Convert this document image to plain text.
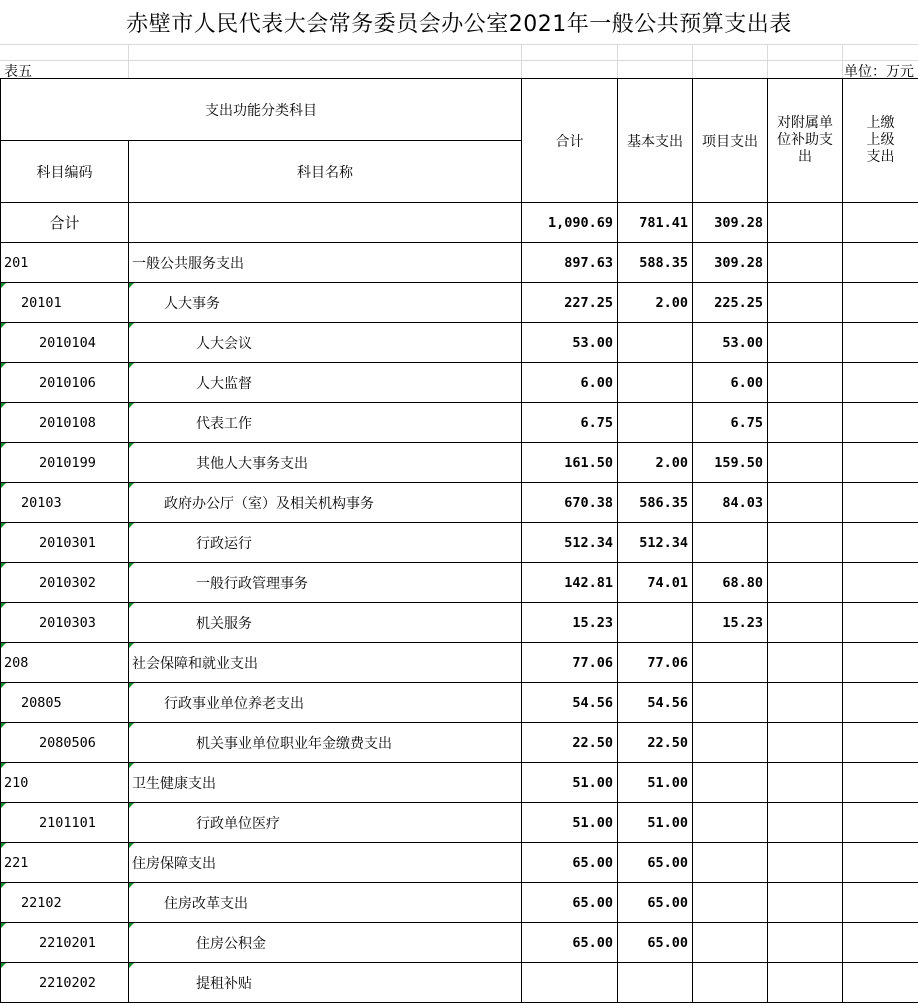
赤壁市人民代表大会常务委员会办公室2021年一般公共预算支出表
表五	单位：万元
支出功能分类科目		合计	基本支出	项目支出	对附属单位补助支出	上缴上级支出
科目编码	科目名称					
合计		1,090.69	781.41	309.28		
201	一般公共服务支出	897.63	588.35	309.28		

20101	人大事务	227.25	2.00	225.25		

2010104	人大会议	53.00		53.00		

2010106	人大监督	6.00		6.00		

2010108	代表工作	6.75		6.75		

2010199	其他人大事务支出	161.50	2.00	159.50		

20103	政府办公厅（室）及相关机构事务	670.38	586.35	84.03		

2010301	行政运行	512.34	512.34			

2010302	一般行政管理事务	142.81	74.01	68.80		

2010303	机关服务	15.23		15.23		

208	社会保障和就业支出	77.06	77.06			

20805	行政事业单位养老支出	54.56	54.56			

2080506	机关事业单位职业年金缴费支出	22.50	22.50			

210	卫生健康支出	51.00	51.00			

2101101	行政单位医疗	51.00	51.00			

221	住房保障支出	65.00	65.00			

22102	住房改革支出	65.00	65.00			

2210201	住房公积金	65.00	65.00			

2210202	提租补贴					
